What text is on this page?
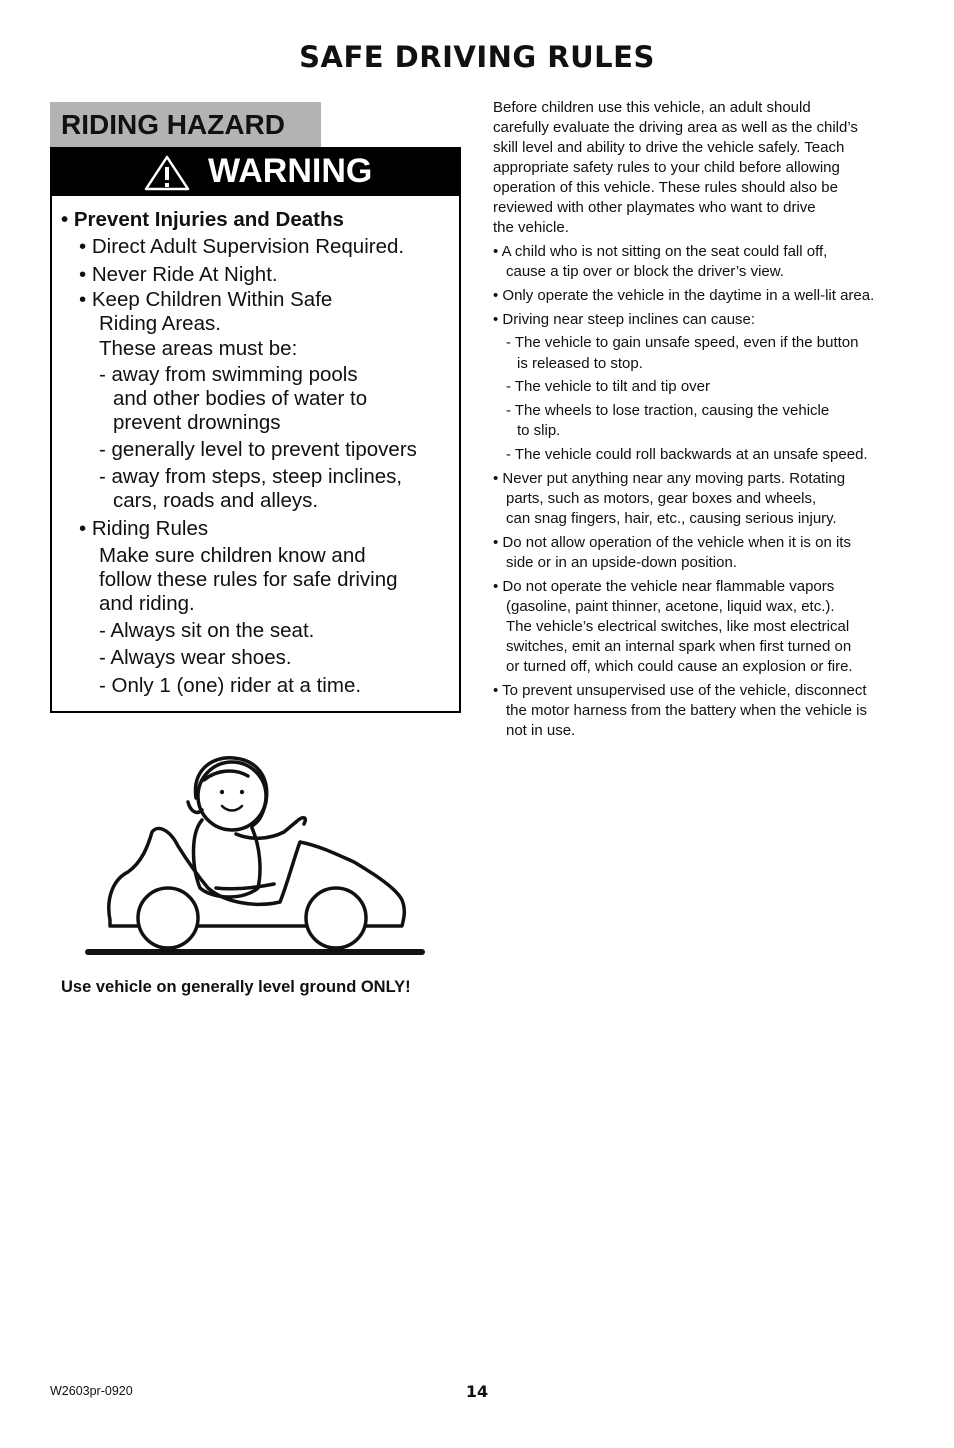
SAFE DRIVING RULES
RIDING HAZARD
WARNING
• Prevent Injuries and Deaths
• Direct Adult Supervision Required.
• Never Ride At Night.
• Keep Children Within Safe
Riding Areas.
These areas must be:
- away from swimming pools
and other bodies of water to
prevent drownings
- generally level to prevent tipovers
- away from steps, steep inclines,
cars, roads and alleys.
• Riding Rules
Make sure children know and
follow these rules for safe driving
and riding.
- Always sit on the seat.
- Always wear shoes.
- Only 1 (one) rider at a time.
Before children use this vehicle, an adult should
carefully evaluate the driving area as well as the child’s
skill level and ability to drive the vehicle safely. Teach
appropriate safety rules to your child before allowing
operation of this vehicle. These rules should also be
reviewed with other playmates who want to drive
the vehicle.
• A child who is not sitting on the seat could fall off,
cause a tip over or block the driver’s view.
• Only operate the vehicle in the daytime in a well-lit area.
• Driving near steep inclines can cause:
- The vehicle to gain unsafe speed, even if the button
is released to stop.
- The vehicle to tilt and tip over
- The wheels to lose traction, causing the vehicle
to slip.
- The vehicle could roll backwards at an unsafe speed.
• Never put anything near any moving parts. Rotating
parts, such as motors, gear boxes and wheels,
can snag fingers, hair, etc., causing serious injury.
• Do not allow operation of the vehicle when it is on its
side or in an upside-down position.
• Do not operate the vehicle near flammable vapors
(gasoline, paint thinner, acetone, liquid wax, etc.).
The vehicle’s electrical switches, like most electrical
switches, emit an internal spark when first turned on
or turned off, which could cause an explosion or fire.
• To prevent unsupervised use of the vehicle, disconnect
the motor harness from the battery when the vehicle is
not in use.
Use vehicle on generally level ground ONLY!
W2603pr-0920	14
